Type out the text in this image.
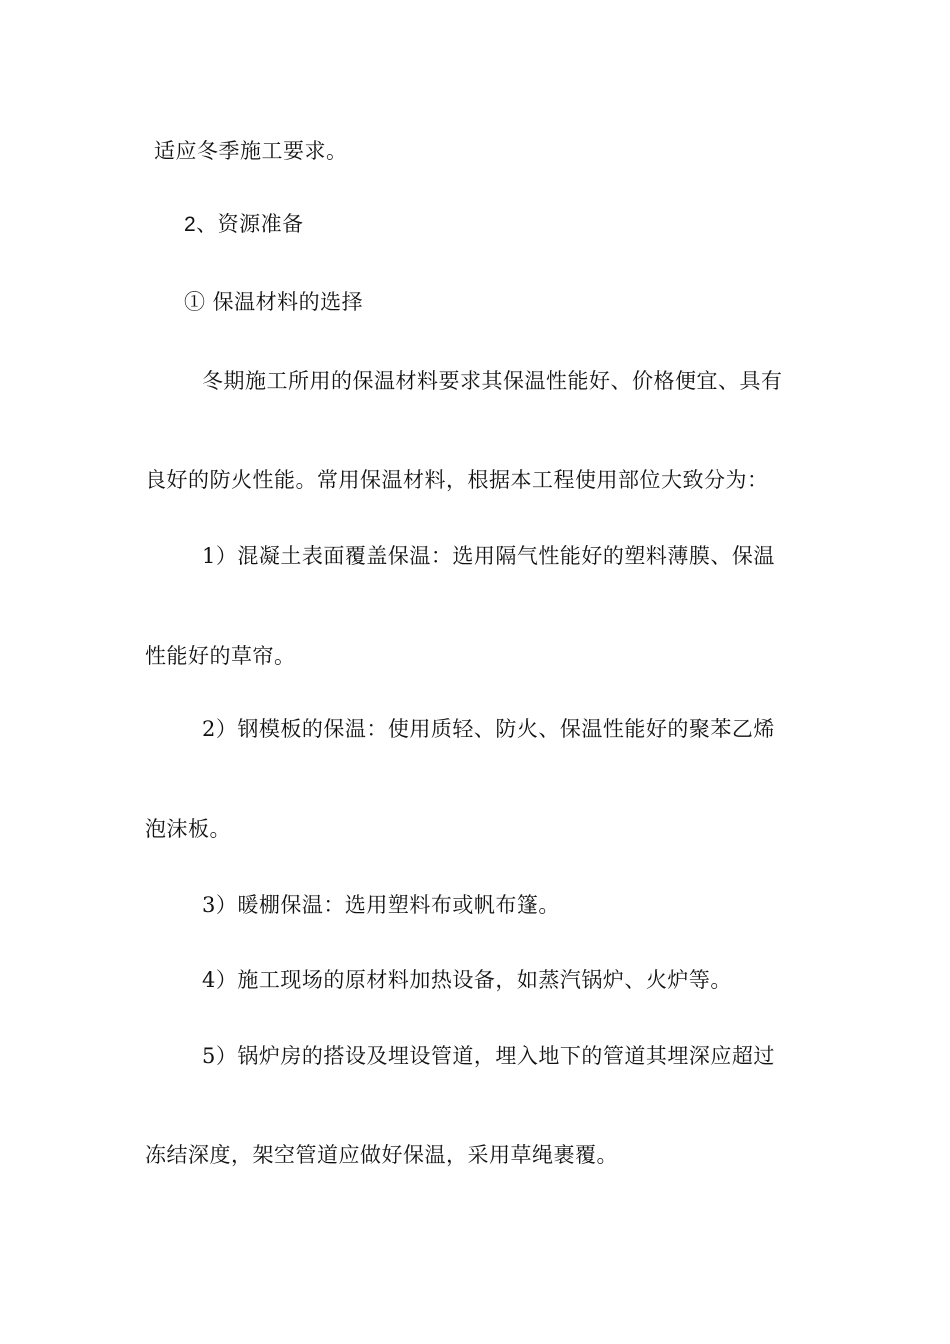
适应冬季施工要求。
2、资源准备
① 保温材料的选择
冬期施工所用的保温材料要求其保温性能好、价格便宜、具有
良好的防火性能。常用保温材料，根据本工程使用部位大致分为：
1）混凝土表面覆盖保温：选用隔气性能好的塑料薄膜、保温
性能好的草帘。
2）钢模板的保温：使用质轻、防火、保温性能好的聚苯乙烯
泡沫板。
3）暖棚保温：选用塑料布或帆布篷。
4）施工现场的原材料加热设备，如蒸汽锅炉、火炉等。
5）锅炉房的搭设及埋设管道，埋入地下的管道其埋深应超过
冻结深度，架空管道应做好保温，采用草绳裹覆。
